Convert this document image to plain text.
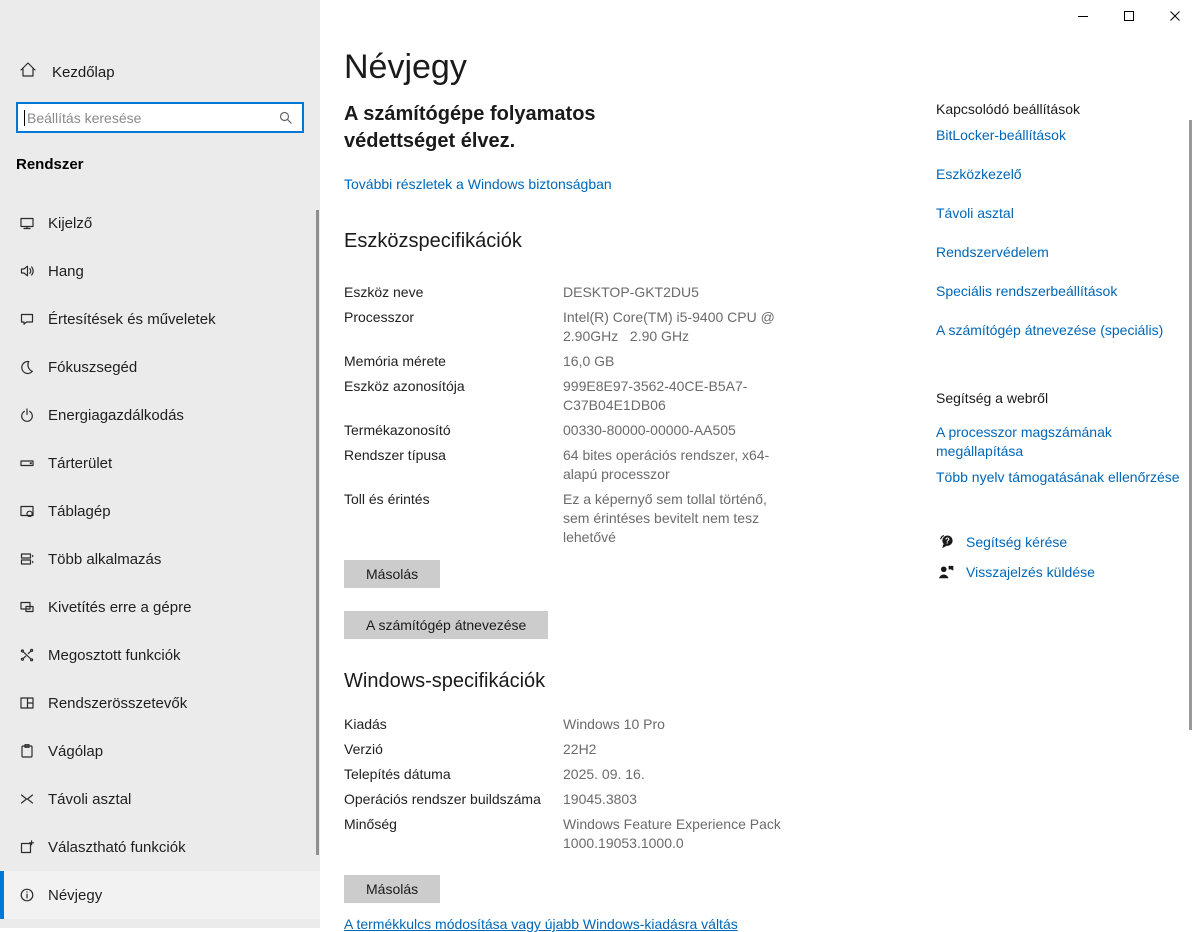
Kezdőlap
Beállítás keresése
Rendszer
Kijelző
Hang
Értesítések és műveletek
Fókuszsegéd
Energiagazdálkodás
Tárterület
Táblagép
Több alkalmazás
Kivetítés erre a gépre
Megosztott funkciók
Rendszerösszetevők
Vágólap
Távoli asztal
Választható funkciók
Névjegy
Névjegy
A számítógépe folyamatos védettséget élvez.
További részletek a Windows biztonságban
Eszközspecifikációk
Eszköz neve	DESKTOP-GKT2DU5
Processzor	Intel(R) Core(TM) i5-9400 CPU @ 2.90GHz   2.90 GHz
Memória mérete	16,0 GB
Eszköz azonosítója	999E8E97-3562-40CE-B5A7-C37B04E1DB06
Termékazonosító	00330-80000-00000-AA505
Rendszer típusa	64 bites operációs rendszer, x64-alapú processzor
Toll és érintés	Ez a képernyő sem tollal történő, sem érintéses bevitelt nem tesz lehetővé
Másolás
A számítógép átnevezése
Windows-specifikációk
Kiadás	Windows 10 Pro
Verzió	22H2
Telepítés dátuma	2025. 09. 16.
Operációs rendszer buildszáma	19045.3803
Minőség	Windows Feature Experience Pack 1000.19053.1000.0
Másolás
A termékkulcs módosítása vagy újabb Windows-kiadásra váltás
Kapcsolódó beállítások
BitLocker-beállítások
Eszközkezelő
Távoli asztal
Rendszervédelem
Speciális rendszerbeállítások
A számítógép átnevezése (speciális)
Segítség a webről
A processzor magszámának megállapítása
Több nyelv támogatásának ellenőrzése
? Segítség kérése
Visszajelzés küldése
